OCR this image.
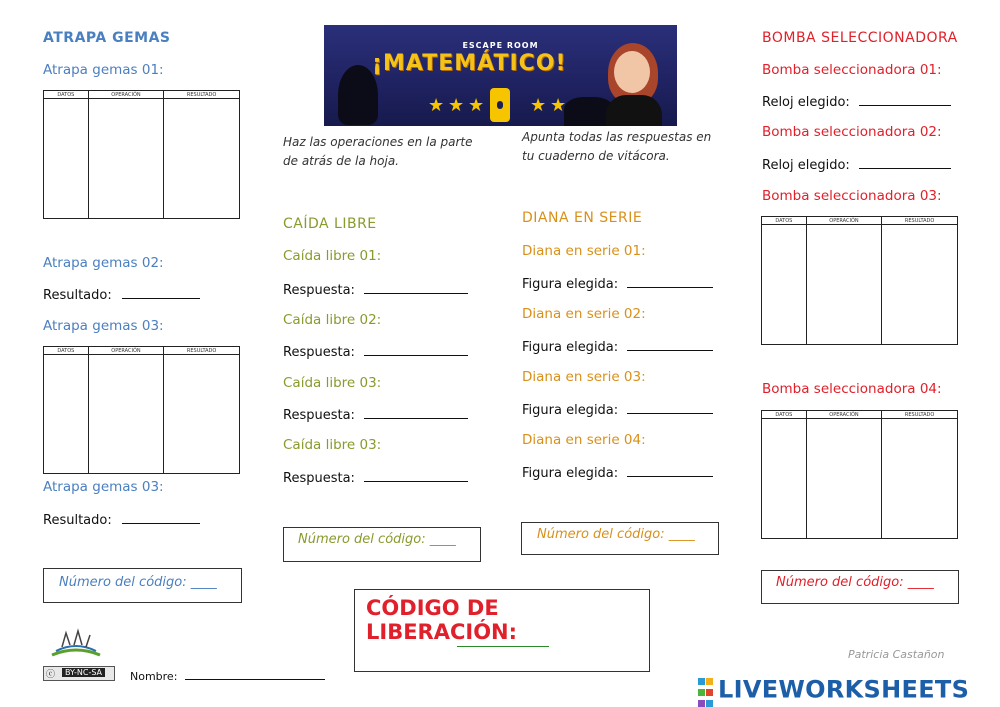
ESCAPE ROOM
¡MATEMÁTICO!
★ ★ ★	★ ★
Haz las operaciones en la parte de atrás de la hoja.
Apunta todas las respuestas en tu cuaderno de vitácora.
ATRAPA GEMAS
Atrapa gemas 01:
DATOS	OPERACIÓN	RESULTADO

Atrapa gemas 02:
Resultado:
Atrapa gemas 03:
DATOS	OPERACIÓN	RESULTADO

Atrapa gemas 03:
Resultado:
Número del código: ____
CAÍDA LIBRE
Caída libre 01:
Respuesta:
Caída libre 02:
Respuesta:
Caída libre 03:
Respuesta:
Caída libre 03:
Respuesta:
Número del código: ____
DIANA EN SERIE
Diana en serie 01:
Figura elegida:
Diana en serie 02:
Figura elegida:
Diana en serie 03:
Figura elegida:
Diana en serie 04:
Figura elegida:
Número del código: ____
BOMBA SELECCIONADORA
Bomba seleccionadora 01:
Reloj elegido:
Bomba seleccionadora 02:
Reloj elegido:
Bomba seleccionadora 03:
DATOS	OPERACIÓN	RESULTADO

Bomba seleccionadora 04:
DATOS	OPERACIÓN	RESULTADO

Número del código: ____
CÓDIGO DE LIBERACIÓN:
ⓒ	BY-NC-SA	Nombre:
Patricia Castañon

LIVEWORKSHEETS
